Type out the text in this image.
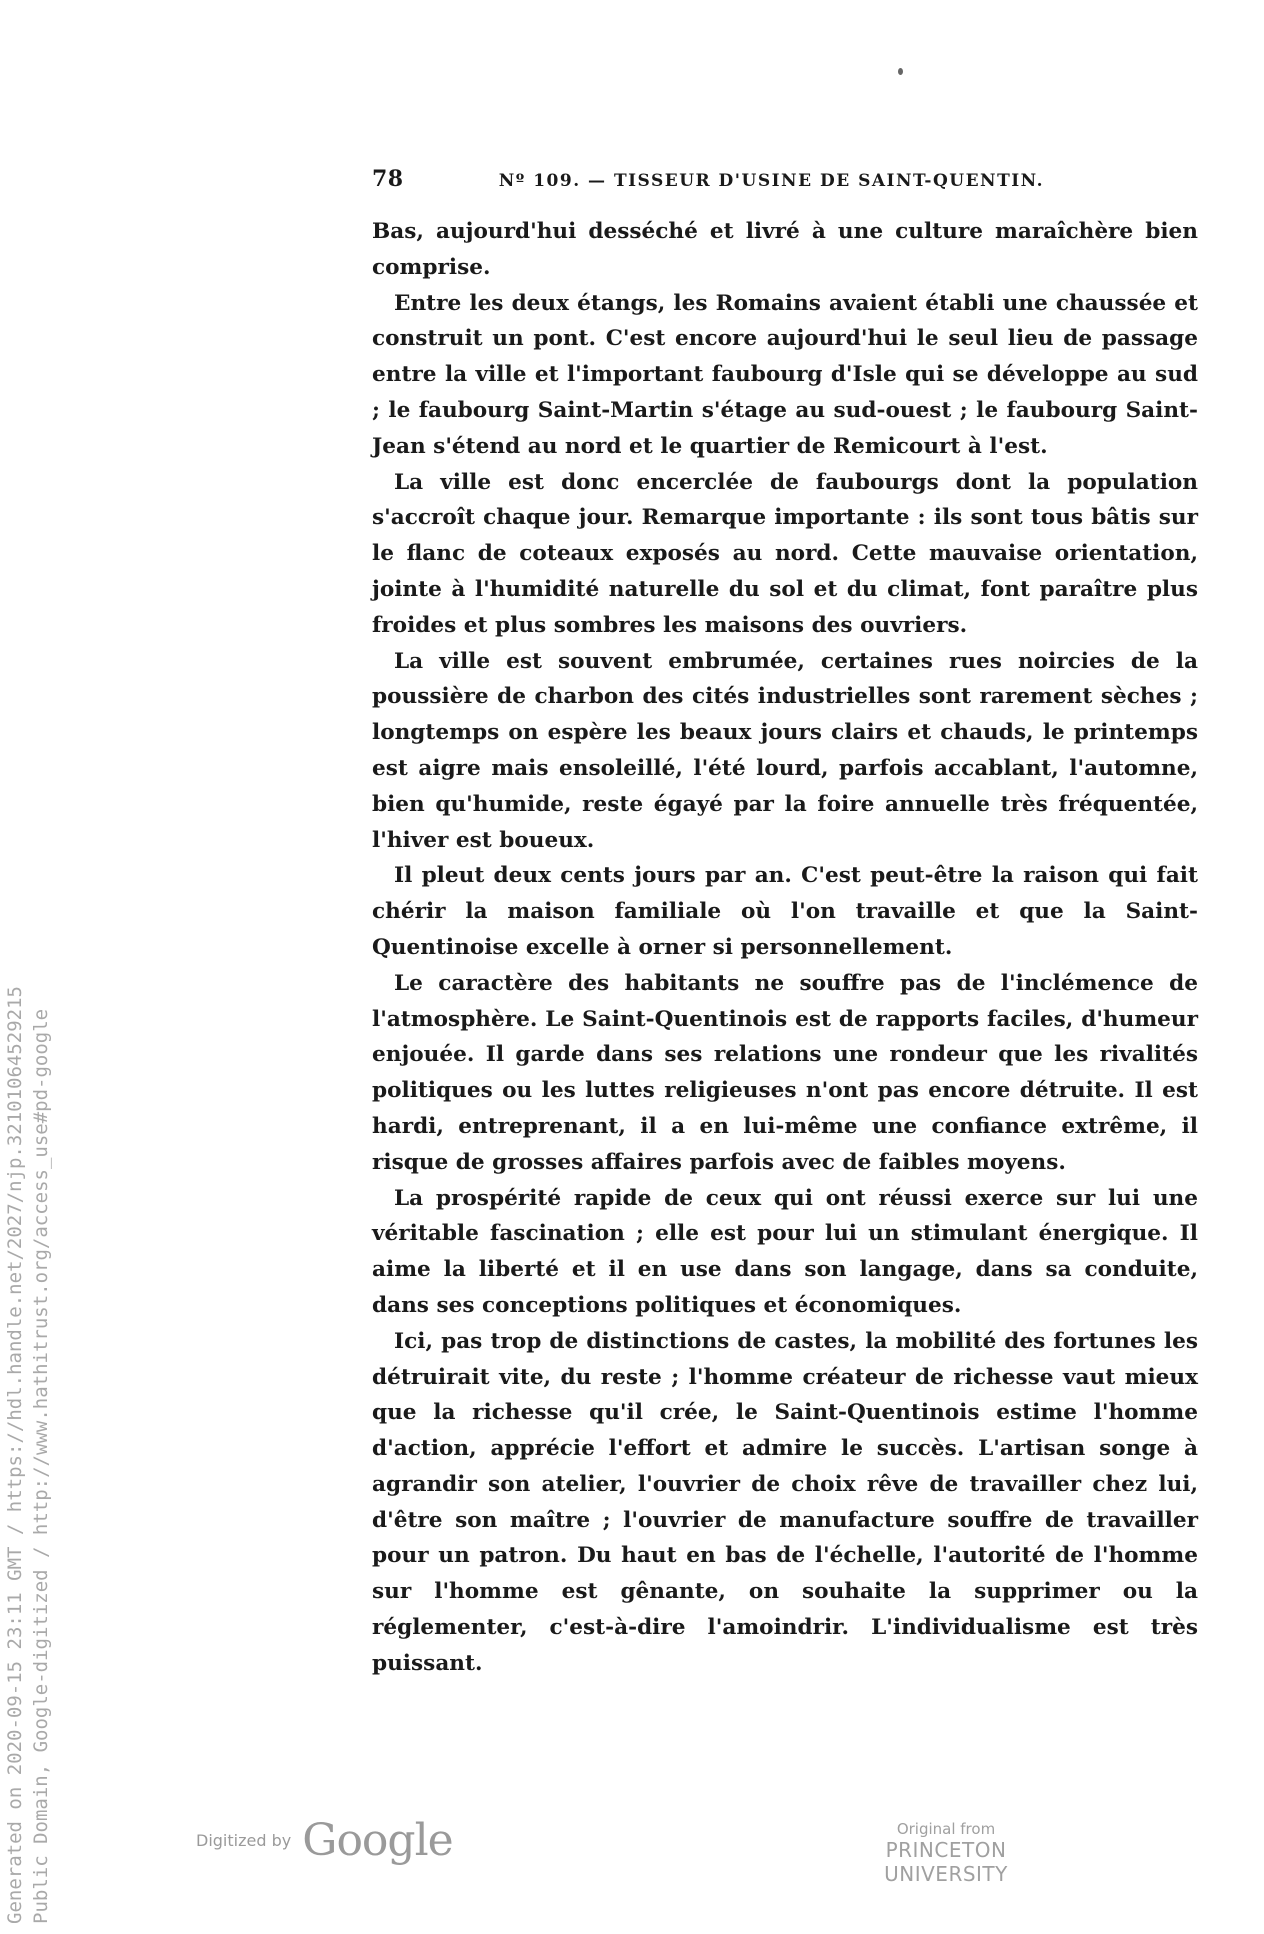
78	Nº 109. — TISSEUR D'USINE DE SAINT-QUENTIN.

Bas, aujourd'hui desséché et livré à une culture maraîchère bien comprise.

Entre les deux étangs, les Romains avaient établi une chaussée et construit un pont. C'est encore aujourd'hui le seul lieu de passage entre la ville et l'important faubourg d'Isle qui se développe au sud ; le faubourg Saint-Martin s'étage au sud-ouest ; le faubourg Saint-Jean s'étend au nord et le quartier de Remicourt à l'est.

La ville est donc encerclée de faubourgs dont la population s'accroît chaque jour. Remarque importante : ils sont tous bâtis sur le flanc de coteaux exposés au nord. Cette mauvaise orientation, jointe à l'humidité naturelle du sol et du climat, font paraître plus froides et plus sombres les maisons des ouvriers.

La ville est souvent embrumée, certaines rues noircies de la poussière de charbon des cités industrielles sont rarement sèches ; longtemps on espère les beaux jours clairs et chauds, le printemps est aigre mais ensoleillé, l'été lourd, parfois accablant, l'automne, bien qu'humide, reste égayé par la foire annuelle très fréquentée, l'hiver est boueux.

Il pleut deux cents jours par an. C'est peut-être la raison qui fait chérir la maison familiale où l'on travaille et que la Saint-Quentinoise excelle à orner si personnellement.

Le caractère des habitants ne souffre pas de l'inclémence de l'atmosphère. Le Saint-Quentinois est de rapports faciles, d'humeur enjouée. Il garde dans ses relations une rondeur que les rivalités politiques ou les luttes religieuses n'ont pas encore détruite. Il est hardi, entreprenant, il a en lui-même une confiance extrême, il risque de grosses affaires parfois avec de faibles moyens.

La prospérité rapide de ceux qui ont réussi exerce sur lui une véritable fascination ; elle est pour lui un stimulant énergique. Il aime la liberté et il en use dans son langage, dans sa conduite, dans ses conceptions politiques et économiques.

Ici, pas trop de distinctions de castes, la mobilité des fortunes les détruirait vite, du reste ; l'homme créateur de richesse vaut mieux que la richesse qu'il crée, le Saint-Quentinois estime l'homme d'action, apprécie l'effort et admire le succès. L'artisan songe à agrandir son atelier, l'ouvrier de choix rêve de travailler chez lui, d'être son maître ; l'ouvrier de manufacture souffre de travailler pour un patron. Du haut en bas de l'échelle, l'autorité de l'homme sur l'homme est gênante, on souhaite la supprimer ou la réglementer, c'est-à-dire l'amoindrir. L'individualisme est très puissant.

Generated on 2020-09-15 23:11 GMT / https://hdl.handle.net/2027/njp.32101064529215 Public Domain, Google-digitized / http://www.hathitrust.org/access_use#pd-google	Digitized by Google	Original from
PRINCETON UNIVERSITY
